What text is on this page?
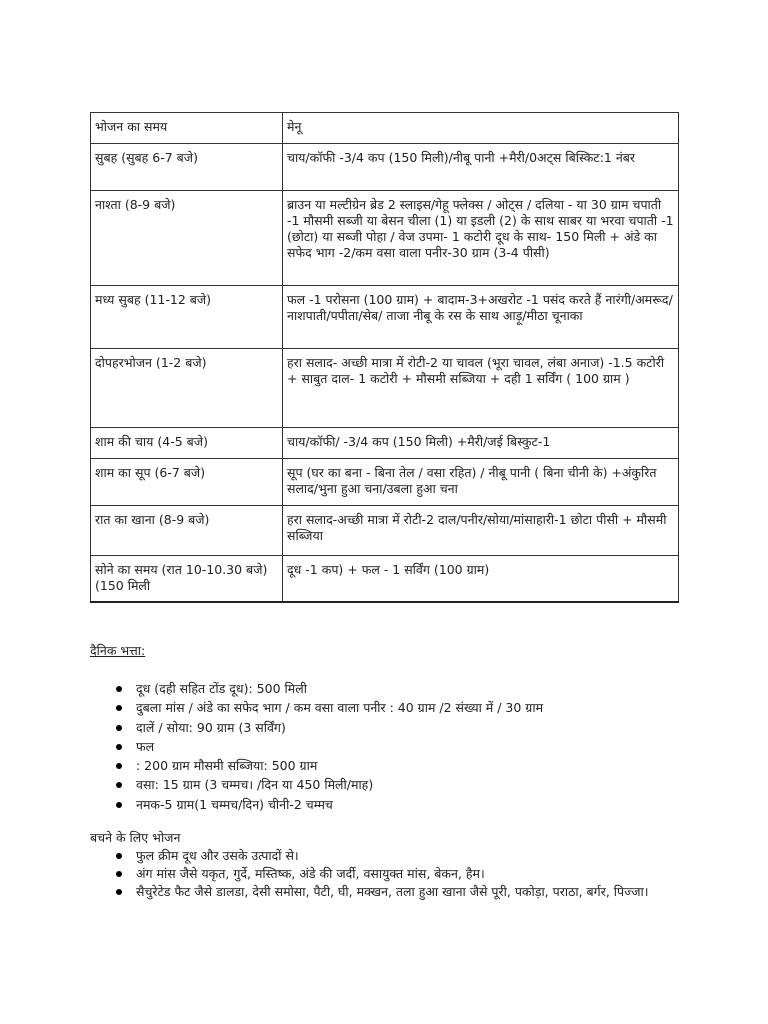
भोजन का समय	मेनू
सुबह (सुबह 6-7 बजे)	चाय/कॉफी -3/4 कप (150 मिली)/नीबू पानी +मैरी/0अट्स बिस्किट:1 नंबर
नाश्ता (8-9 बजे)	ब्राउन या मल्टीग्रेन ब्रेड 2 स्लाइस/गेहू फ्लेक्स / ओट्स / दलिया - या 30 ग्राम चपाती -1 मौसमी सब्जी या बेसन चीला (1) या इडली (2) के साथ साबर या भरवा चपाती -1 (छोटा) या सब्जी पोहा / वेज उपमा- 1 कटोरी दूध के साथ- 150 मिली + अंडे का सफेद भाग -2/कम वसा वाला पनीर-30 ग्राम (3-4 पीसी)
मध्य सुबह (11-12 बजे)	फल -1 परोसना (100 ग्राम) + बादाम-3+अखरोट -1 पसंद करते हैं नारंगी/अमरूद/नाशपाती/पपीता/सेब/ ताजा नीबू के रस के साथ आड़ू/मीठा चूनाका
दोपहरभोजन (1-2 बजे)	हरा सलाद- अच्छी मात्रा में रोटी-2 या चावल (भूरा चावल, लंबा अनाज) -1.5 कटोरी + साबुत दाल- 1 कटोरी + मौसमी सब्जिया + दही 1 सर्विंग ( 100 ग्राम )
शाम की चाय (4-5 बजे)	चाय/कॉफी/ -3/4 कप (150 मिली) +मैरी/जई बिस्कुट-1
शाम का सूप (6-7 बजे)	सूप (घर का बना - बिना तेल / वसा रहित) / नीबू पानी ( बिना चीनी के) +अंकुरित सलाद/भुना हुआ चना/उबला हुआ चना
रात का खाना (8-9 बजे)	हरा सलाद-अच्छी मात्रा में रोटी-2 दाल/पनीर/सोया/मांसाहारी-1 छोटा पीसी + मौसमी सब्जिया
सोने का समय (रात 10-10.30 बजे)(150 मिली	दूध -1 कप) + फल - 1 सर्विंग (100 ग्राम)
दैनिक भत्ता:
दूध (दही सहित टोंड दूध): 500 मिली
दुबला मांस / अंडे का सफेद भाग / कम वसा वाला पनीर : 40 ग्राम /2 संख्या में / 30 ग्राम
दालें / सोया: 90 ग्राम (3 सर्विंग)
फल
: 200 ग्राम मौसमी सब्जिया: 500 ग्राम
वसा: 15 ग्राम (3 चम्मच। /दिन या 450 मिली/माह)
नमक-5 ग्राम(1 चम्मच/दिन) चीनी-2 चम्मच
बचने के लिए भोजन
फुल क्रीम दूध और उसके उत्पादों से।
अंग मांस जैसे यकृत, गुर्दे, मस्तिष्क, अंडे की जर्दी, वसायुक्त मांस, बेकन, हैम।
सैचुरेटेड फैट जैसे डालडा, देसी समोसा, पैटी, घी, मक्खन, तला हुआ खाना जैसे पूरी, पकोड़ा, पराठा, बर्गर, पिज्जा।
